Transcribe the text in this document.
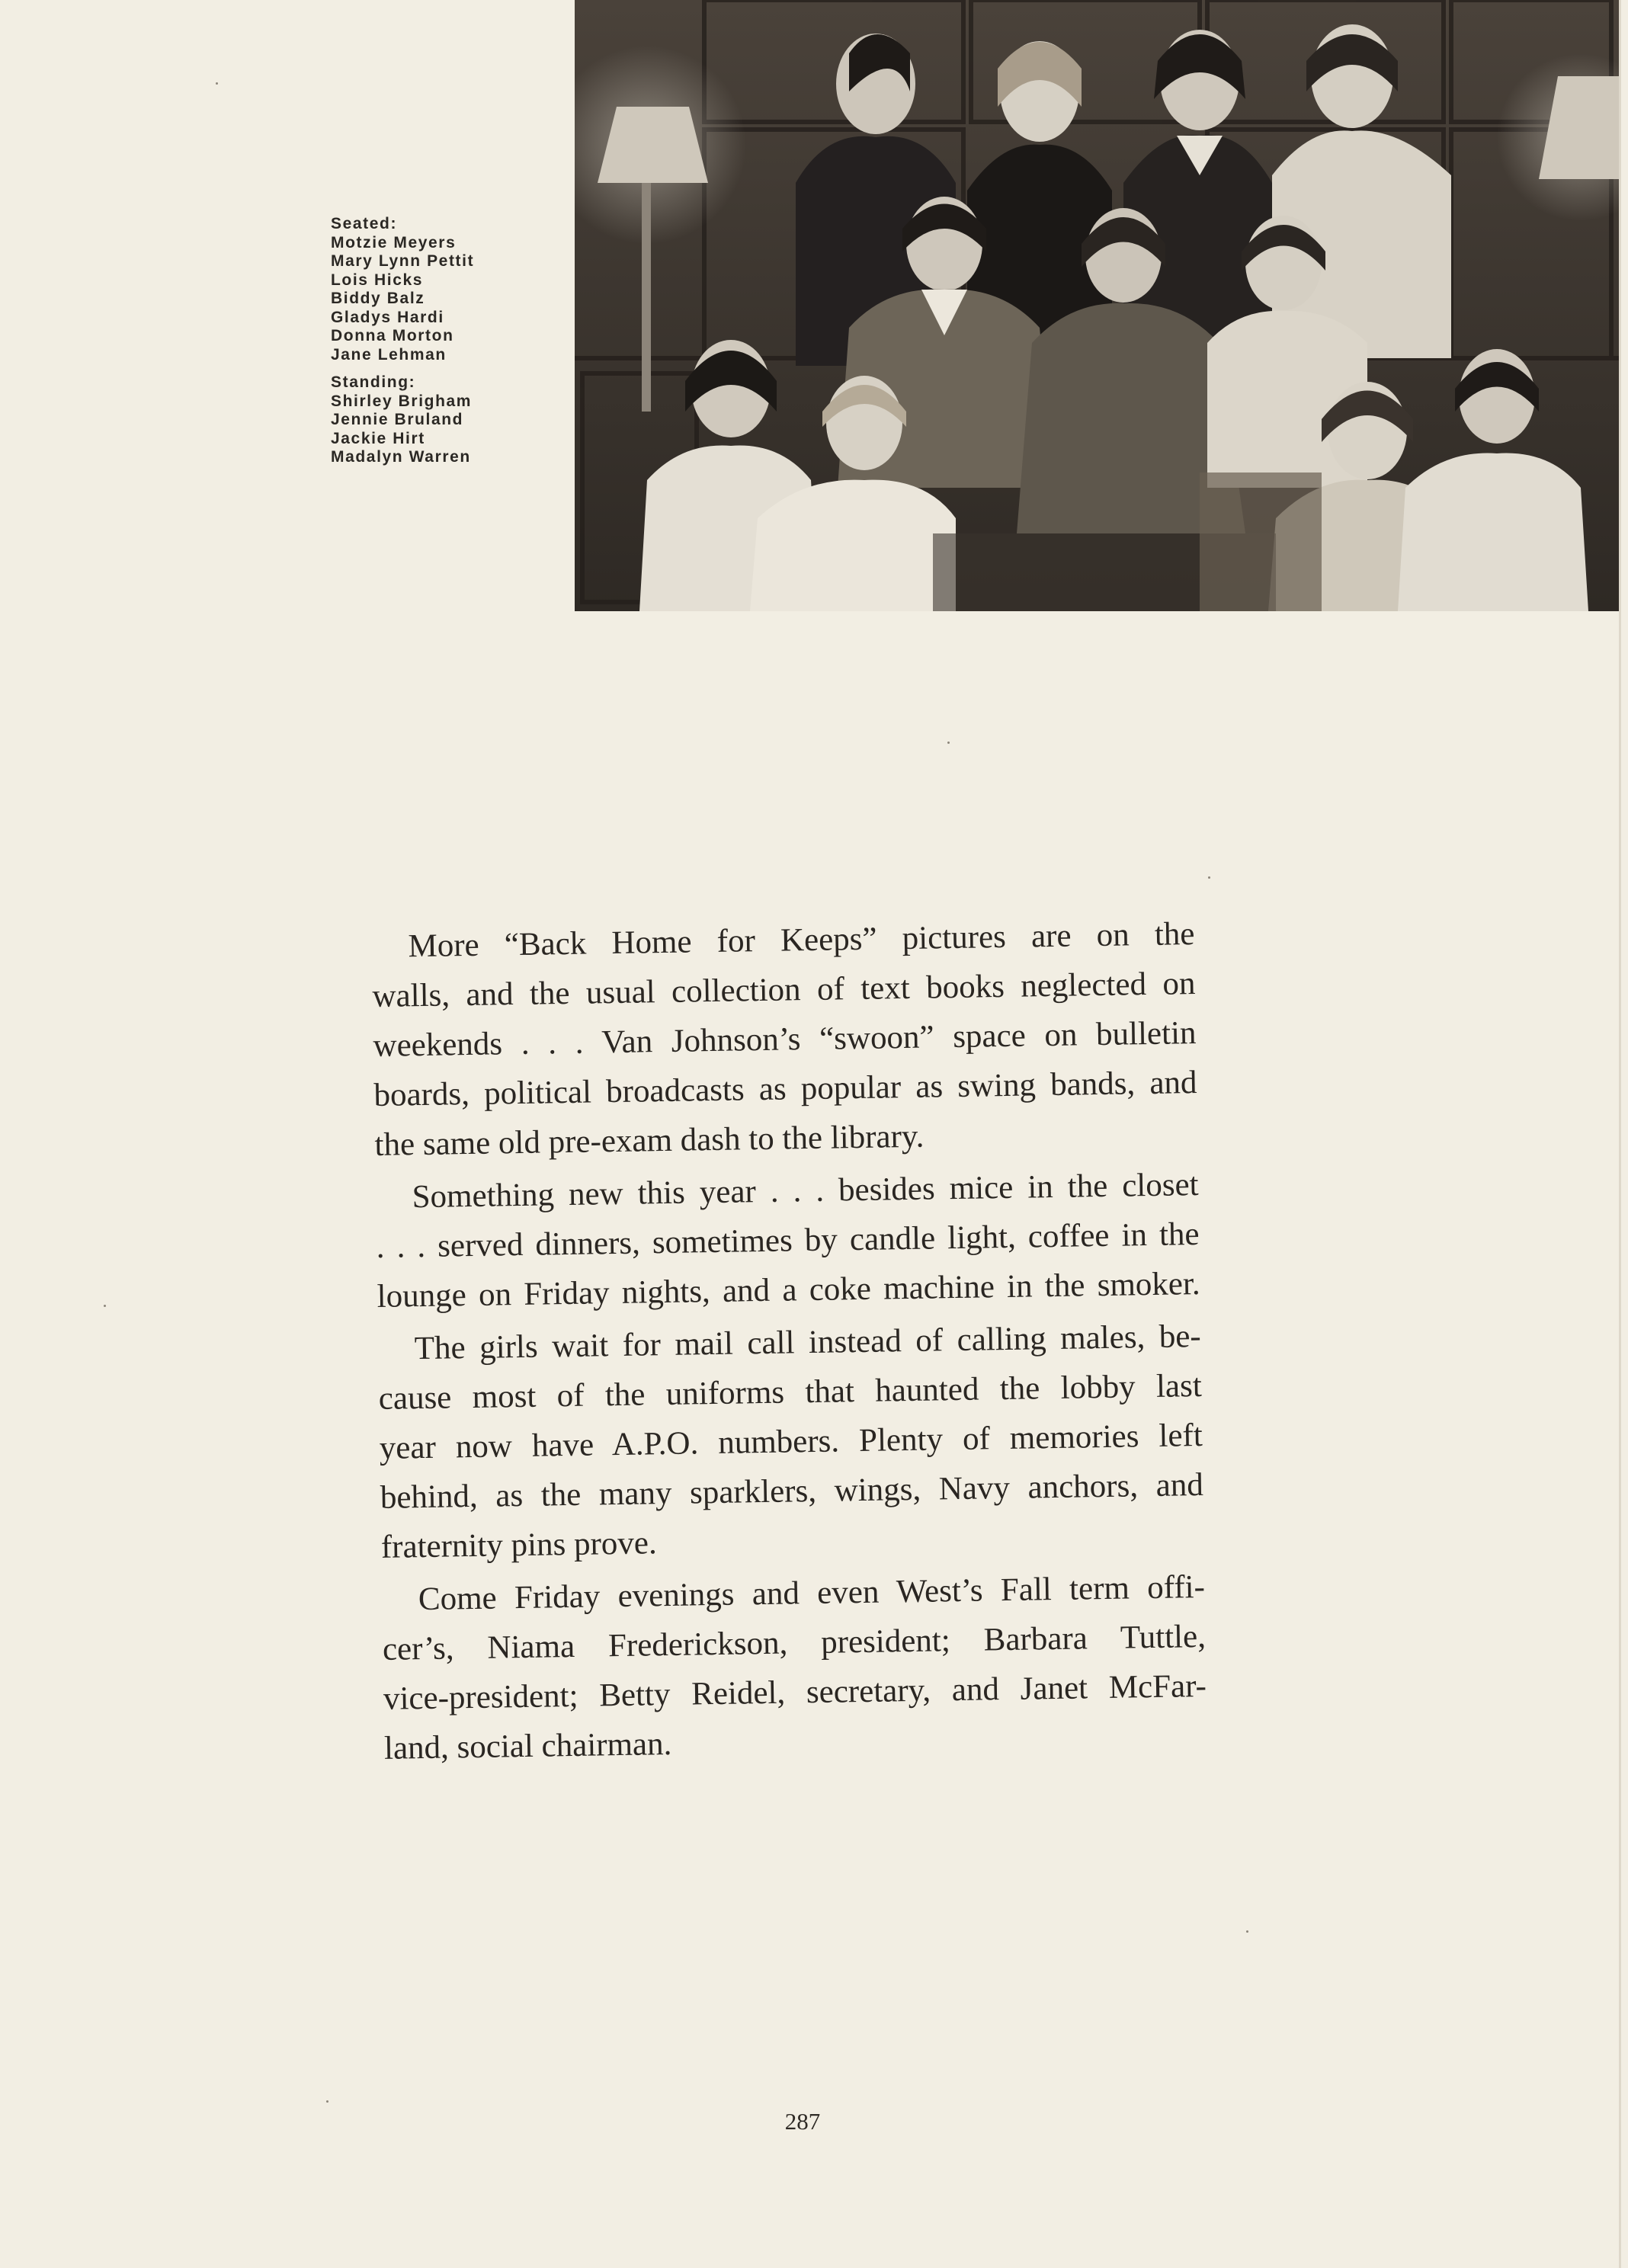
Seated:
Motzie Meyers
Mary Lynn Pettit
Lois Hicks
Biddy Balz
Gladys Hardi
Donna Morton
Jane Lehman
Standing:
Shirley Brigham
Jennie Bruland
Jackie Hirt
Madalyn Warren
More “Back Home for Keeps” pictures are on the
walls, and the usual collection of text books neglected on
weekends . . . Van Johnson’s “swoon” space on bulletin
boards, political broadcasts as popular as swing bands, and
the same old pre-exam dash to the library.
Something new this year . . . besides mice in the closet
. . . served dinners, sometimes by candle light, coffee in the
lounge on Friday nights, and a coke machine in the smoker.
The girls wait for mail call instead of calling males, be-
cause most of the uniforms that haunted the lobby last
year now have A.P.O. numbers. Plenty of memories left
behind, as the many sparklers, wings, Navy anchors, and
fraternity pins prove.
Come Friday evenings and even West’s Fall term offi-
cer’s, Niama Frederickson, president; Barbara Tuttle,
vice-president; Betty Reidel, secretary, and Janet McFar-
land, social chairman.
287
